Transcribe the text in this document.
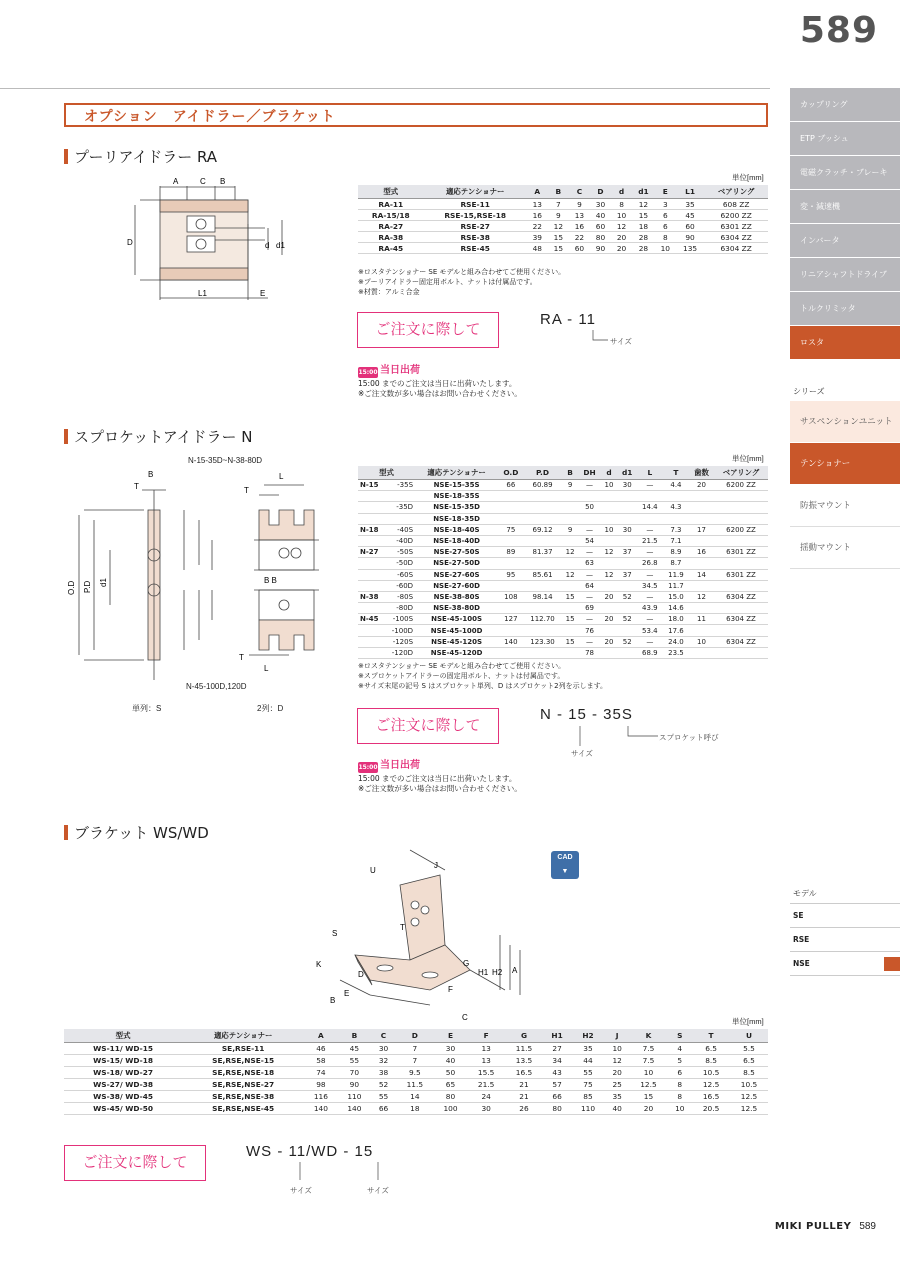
589
オプション　アイドラー／ブラケット
カップリング
ETP ブッシュ
電磁クラッチ・ブレーキ
変・減速機
インバータ
リニアシャフトドライブ
トルクリミッタ
ロスタ
シリーズ
サスペンションユニット
テンショナー
防振マウント
揺動マウント
モデル
SE
RSE
NSE
プーリアイドラー RA
A	C B
D	d d1
L1	E
単位[mm]
型式	適応テンショナー	A	B	C	D	d	d1	E	L1	ベアリング
RA-11	RSE-11	13	7	9	30	8	12	3	35	608 ZZ
RA-15/18	RSE-15,RSE-18	16	9	13	40	10	15	6	45	6200 ZZ
RA-27	RSE-27	22	12	16	60	12	18	6	60	6301 ZZ
RA-38	RSE-38	39	15	22	80	20	28	8	90	6304 ZZ
RA-45	RSE-45	48	15	60	90	20	28	10	135	6304 ZZ
※ロスタテンショナー SE モデルと組み合わせてご使用ください。
※プーリアイドラー固定用ボルト、ナットは付属品です。
※材質：アルミ合金
ご注文に際して
RA - 11
サイズ
15:00 当日出荷
15:00 までのご注文は当日に出荷いたします。
※ご注文数が多い場合はお問い合わせください。
スプロケットアイドラー N
N-15-35D~N-38-80D
B
T
O.D P.D d1
L
T
B B
T
L
N-45-100D,120D
単列：S	2列：D
単位[mm]
型式	適応テンショナー	O.D	P.D	B	DH	d	d1	L	T	歯数	ベアリング
N-15 -35S	NSE-15-35S	66	60.89	9	—	10	30	—	4.4	20	6200 ZZ

	NSE-18-35S										

-35D	NSE-15-35D				50			14.4	4.3		

	NSE-18-35D										
N-18 -40S	NSE-18-40S	75	69.12	9	—	10	30	—	7.3	17	6200 ZZ

-40D	NSE-18-40D				54			21.5	7.1		
N-27 -50S	NSE-27-50S	89	81.37	12	—	12	37	—	8.9	16	6301 ZZ

-50D	NSE-27-50D				63			26.8	8.7		

-60S	NSE-27-60S	95	85.61	12	—	12	37	—	11.9	14	6301 ZZ

-60D	NSE-27-60D				64			34.5	11.7		
N-38 -80S	NSE-38-80S	108	98.14	15	—	20	52	—	15.0	12	6304 ZZ

-80D	NSE-38-80D				69			43.9	14.6		
N-45 -100S	NSE-45-100S	127	112.70	15	—	20	52	—	18.0	11	6304 ZZ

-100D	NSE-45-100D				76			53.4	17.6		

-120S	NSE-45-120S	140	123.30	15	—	20	52	—	24.0	10	6304 ZZ

-120D	NSE-45-120D				78			68.9	23.5		
※ロスタテンショナー SE モデルと組み合わせてご使用ください。
※スプロケットアイドラーの固定用ボルト、ナットは付属品です。
※サイズ末尾の記号 S はスプロケット単列、D はスプロケット2列を示します。
ご注文に際して
N - 15 - 35S
サイズ
スプロケット呼び
15:00 当日出荷
15:00 までのご注文は当日に出荷いたします。
※ご注文数が多い場合はお問い合わせください。
ブラケット WS/WD
CAD
▼
U
J
S
T
K
D
B
E	F
C
G
H1 H2 A
単位[mm]
型式	適応テンショナー	A	B	C	D	E	F	G	H1	H2	J	K	S	T	U
WS-11/ WD-15	SE,RSE-11	46	45	30	7	30	13	11.5	27	35	10	7.5	4	6.5	5.5
WS-15/ WD-18	SE,RSE,NSE-15	58	55	32	7	40	13	13.5	34	44	12	7.5	5	8.5	6.5
WS-18/ WD-27	SE,RSE,NSE-18	74	70	38	9.5	50	15.5	16.5	43	55	20	10	6	10.5	8.5
WS-27/ WD-38	SE,RSE,NSE-27	98	90	52	11.5	65	21.5	21	57	75	25	12.5	8	12.5	10.5
WS-38/ WD-45	SE,RSE,NSE-38	116	110	55	14	80	24	21	66	85	35	15	8	16.5	12.5
WS-45/ WD-50	SE,RSE,NSE-45	140	140	66	18	100	30	26	80	110	40	20	10	20.5	12.5
ご注文に際して
WS - 11/WD - 15
サイズ	サイズ
MIKI PULLEY 589
